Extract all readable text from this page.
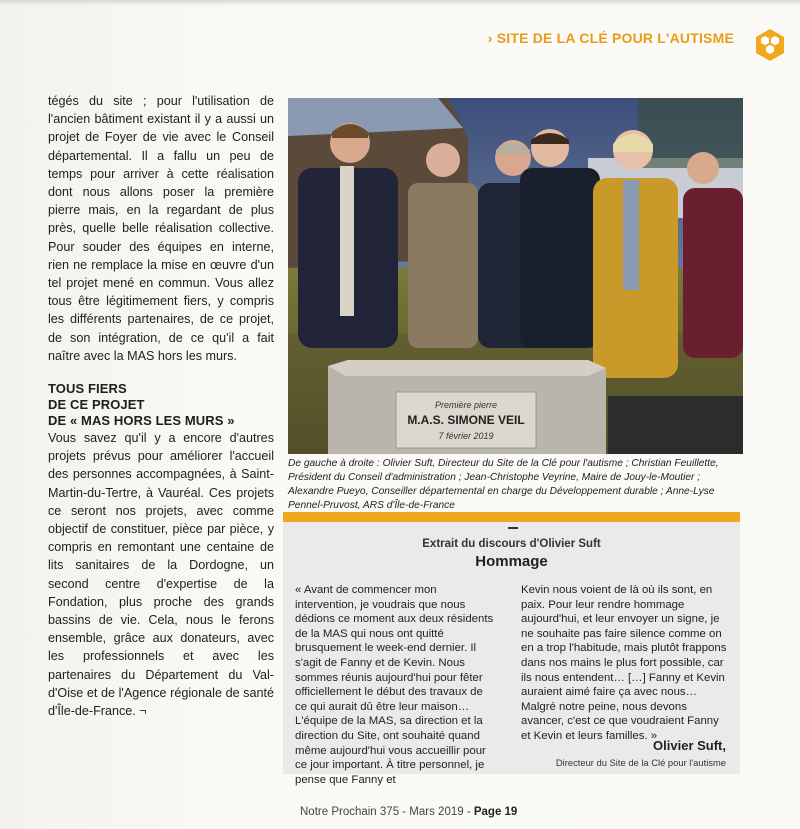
› SITE DE LA CLÉ POUR L'AUTISME

tégés du site ; pour l'utilisation de l'ancien bâtiment existant il y a aussi un projet de Foyer de vie avec le Conseil départemental. Il a fallu un peu de temps pour arriver à cette réalisation dont nous allons poser la première pierre mais, en la regardant de plus près, quelle belle réalisation collective. Pour souder des équipes en interne, rien ne remplace la mise en œuvre d'un tel projet mené en commun. Vous allez tous être légitimement fiers, y compris les différents partenaires, de ce projet, de son intégration, de ce qu'il a fait naître avec la MAS hors les murs.

TOUS FIERS
DE CE PROJET
DE « MAS HORS LES MURS »

Vous savez qu'il y a encore d'autres projets prévus pour améliorer l'accueil des personnes accompagnées, à Saint-Martin-du-Tertre, à Vauréal. Ces projets ce seront nos projets, avec comme objectif de constituer, pièce par pièce, y compris en remontant une centaine de lits sanitaires de la Dordogne, un second centre d'expertise de la Fondation, plus proche des grands bassins de vie. Cela, nous le ferons ensemble, grâce aux donateurs, avec les professionnels et avec les partenaires du Département du Val-d'Oise et de l'Agence régionale de santé d'Île-de-France. ¬

Première pierre
M.A.S. SIMONE VEIL
7 février 2019
De gauche à droite : Olivier Suft, Directeur du Site de la Clé pour l'autisme ; Christian Feuillette, Président du Conseil d'administration ; Jean-Christophe Veyrine, Maire de Jouy-le-Moutier ; Alexandre Pueyo, Conseiller départemental en charge du Développement durable ; Anne-Lyse Pennel-Pruvost, ARS d'Île-de-France
Extrait du discours d'Olivier Suft
Hommage
« Avant de commencer mon intervention, je voudrais que nous dédions ce moment aux deux résidents de la MAS qui nous ont quitté brusquement le week-end dernier. Il s'agit de Fanny et de Kevin. Nous sommes réunis aujourd'hui pour fêter officiellement le début des travaux de ce qui aurait dû être leur maison… L'équipe de la MAS, sa direction et la direction du Site, ont souhaité quand même aujourd'hui vous accueillir pour ce jour important. À titre personnel, je pense que Fanny et
Kevin nous voient de là où ils sont, en paix. Pour leur rendre hommage aujourd'hui, et leur envoyer un signe, je ne souhaite pas faire silence comme on en a trop l'habitude, mais plutôt frappons dans nos mains le plus fort possible, car ils nous entendent… […] Fanny et Kevin auraient aimé faire ça avec nous… Malgré notre peine, nous devons avancer, c'est ce que voudraient Fanny et Kevin et leurs familles. »
Olivier Suft,
Directeur du Site de la Clé pour l'autisme
Notre Prochain 375 - Mars 2019 - Page 19
